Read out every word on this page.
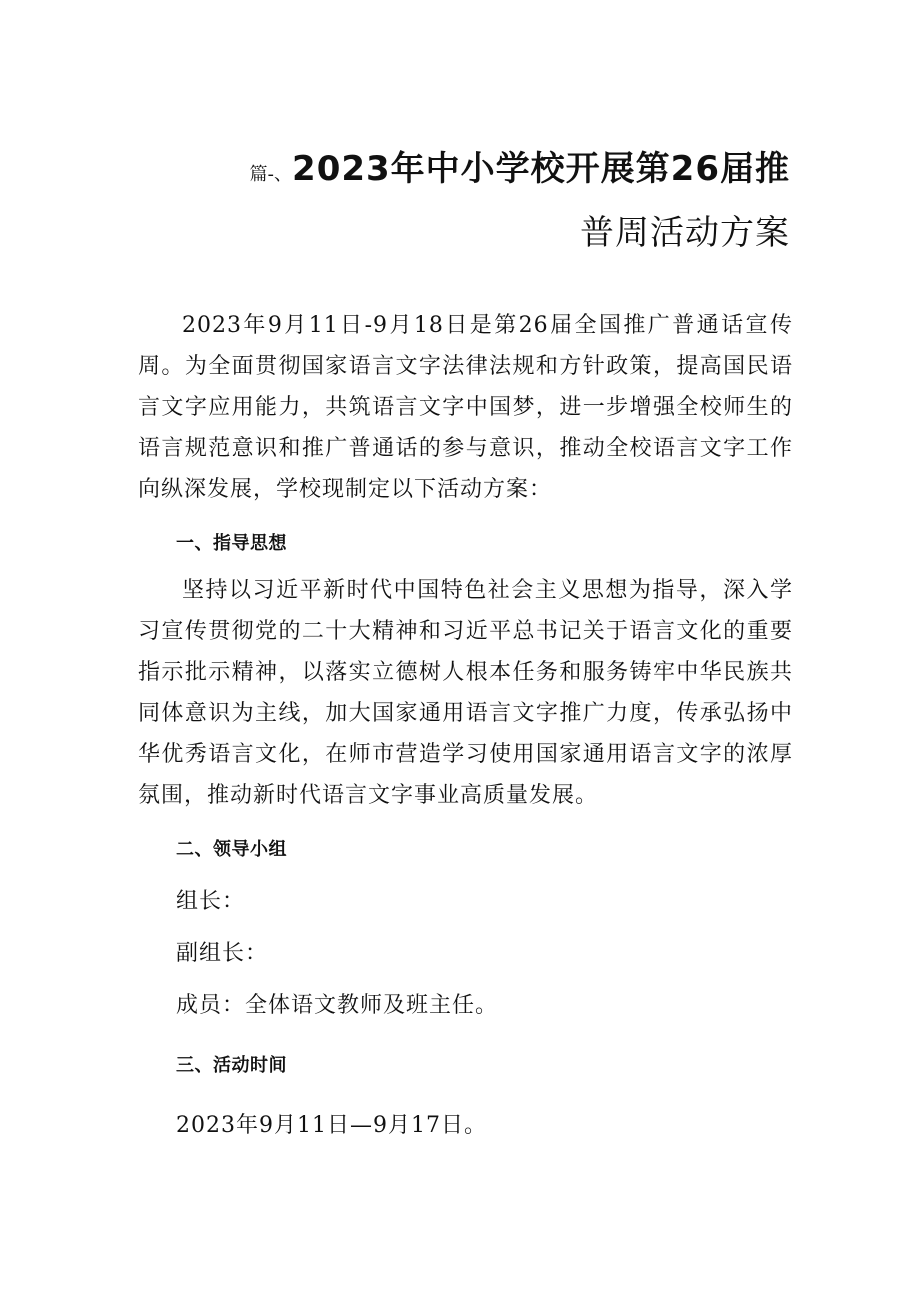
篇-、2023年中小学校开展第26届推
普周活动方案

2023年9月11日-9月18日是第26届全国推广普通话宣传周。为全面贯彻国家语言文字法律法规和方针政策，提高国民语言文字应用能力，共筑语言文字中国梦，进一步增强全校师生的语言规范意识和推广普通话的参与意识，推动全校语言文字工作向纵深发展，学校现制定以下活动方案：

一、指导思想

坚持以习近平新时代中国特色社会主义思想为指导，深入学习宣传贯彻党的二十大精神和习近平总书记关于语言文化的重要指示批示精神，以落实立德树人根本任务和服务铸牢中华民族共同体意识为主线，加大国家通用语言文字推广力度，传承弘扬中华优秀语言文化，在师市营造学习使用国家通用语言文字的浓厚氛围，推动新时代语言文字事业高质量发展。

二、领导小组

组长：

副组长：

成员：全体语文教师及班主任。

三、活动时间

2023年9月11日—9月17日。
